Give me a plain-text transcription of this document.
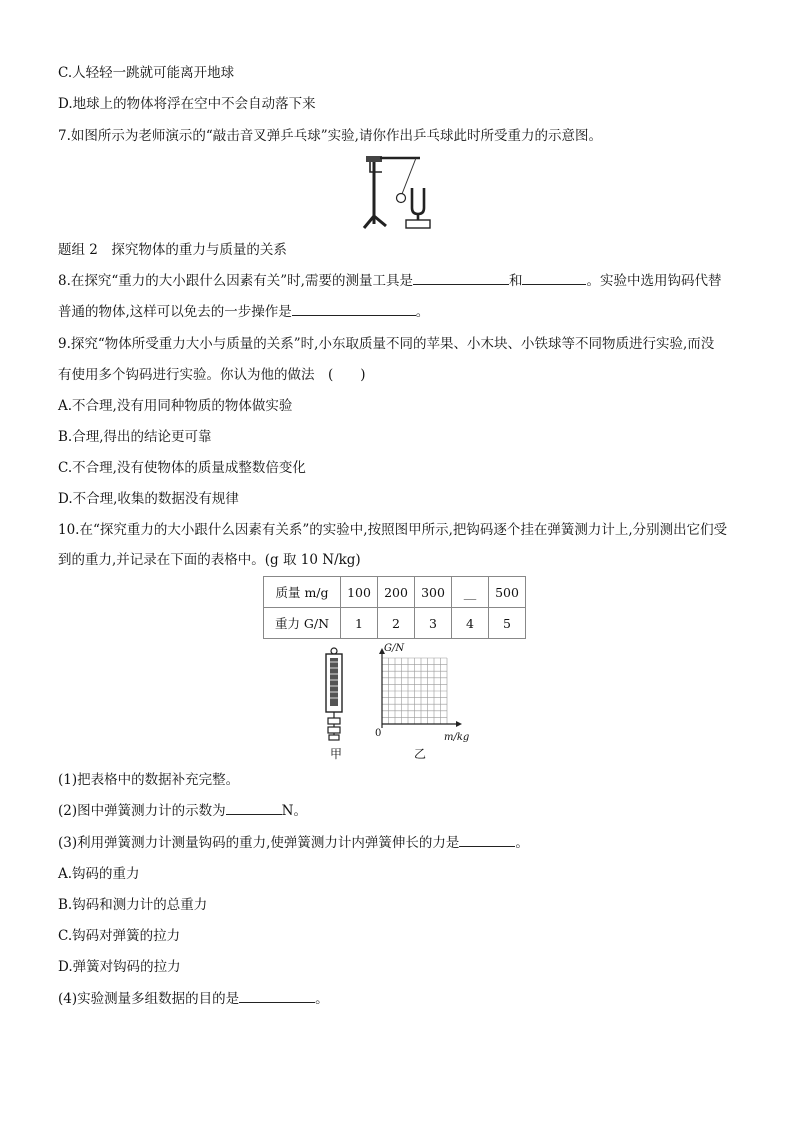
C.人轻轻一跳就可能离开地球
D.地球上的物体将浮在空中不会自动落下来
7.如图所示为老师演示的“敲击音叉弹乒乓球”实验,请你作出乒乓球此时所受重力的示意图。
题组 2　探究物体的重力与质量的关系
8.在探究“重力的大小跟什么因素有关”时,需要的测量工具是	和	。实验中选用钩码代替
普通的物体,这样可以免去的一步操作是	。
9.探究“物体所受重力大小与质量的关系”时,小东取质量不同的苹果、小木块、小铁球等不同物质进行实验,而没
有使用多个钩码进行实验。你认为他的做法　(　　)
A.不合理,没有用同种物质的物体做实验
B.合理,得出的结论更可靠
C.不合理,没有使物体的质量成整数倍变化
D.不合理,收集的数据没有规律
10.在“探究重力的大小跟什么因素有关系”的实验中,按照图甲所示,把钩码逐个挂在弹簧测力计上,分别测出它们受
到的重力,并记录在下面的表格中。(g 取 10 N/kg)
质量 m/g	100	200	300	__	500
重力 G/N	1	2	3	4	5
甲
G/N
0	m/kg
乙
(1)把表格中的数据补充完整。
(2)图中弹簧测力计的示数为	N。
(3)利用弹簧测力计测量钩码的重力,使弹簧测力计内弹簧伸长的力是	。
A.钩码的重力
B.钩码和测力计的总重力
C.钩码对弹簧的拉力
D.弹簧对钩码的拉力
(4)实验测量多组数据的目的是	。
